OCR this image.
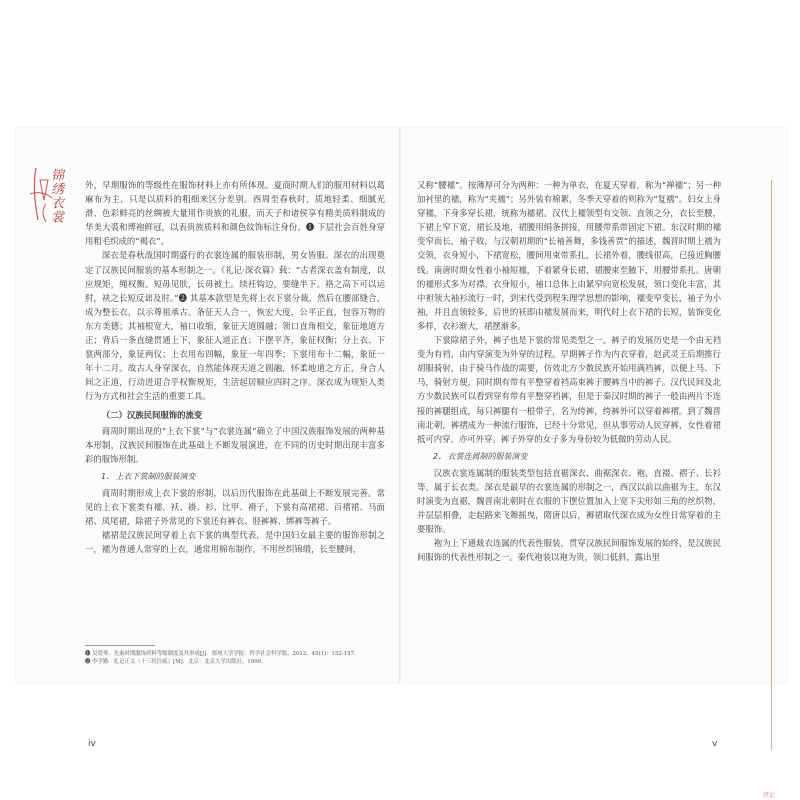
锦绣衣裳	外，早期服饰的等级性在服饰材料上亦有所体现。夏商时期人们的服用材料以葛麻布为主，只是以质料的粗细来区分差别。西周至春秋时，质地轻柔、细腻光滑、色彩鲜亮的丝绸被大量用作贵族的礼服，而天子和诸侯享有精美质料制成的华美大裘和博袍鲜冠，以表贵族质料和颜色纹饰标注身份。❶ 下层社会百姓身穿用粗毛织成的“褐衣”。

深衣是春秋战国时期盛行的衣裳连属的服装形制，男女皆服。深衣的出现奠定了汉族民间服装的基本形制之一。《礼记·深衣篇》载：“古者深衣盖有制度，以应规矩，绳权衡。短毋见肤，长毋被土。续衽钩边，要缝半下。袼之高下可以运肘，袂之长短反诎及肘。”❷ 其基本款型是先将上衣下裳分裁，然后在腰部缝合，成为整长衣，以示尊祖承古。条征天人合一，恢宏大度，公平正直，包容万物的东方美德；其袖根宽大，袖口收缩，象征天道圆融；领口直角相交，象征地道方正；背后一条直缝贯通上下，象征人道正直；下摆平齐，象征权衡；分上衣、下裳两部分，象征两仪；上衣用布四幅，象征一年四季；下裳用布十二幅，象征一年十二月。故古人身穿深衣，自然能体现天道之圆融，怀柔地道之方正，身合人间之正道，行动进退合乎权衡规矩，生活起居顺应四时之序。深衣成为规矩人类行为方式和社会生活的重要工具。

（二）汉族民间服饰的流变

商周时期出现的“上衣下裳”与“衣裳连属”确立了中国汉族服饰发展的两种基本形制，汉族民间服饰在此基础上不断发展演进，在不同的历史时期出现丰富多彩的服饰形制。

1. 上衣下裳制的服装演变

商周时期形成上衣下裳的形制，以后历代服饰在此基础上不断发展完善。常见的上衣下裳类有襦、袄、褂、衫、比甲、褙子，下裳有高裙裙、百褶裙、马面裙、凤尾裙，除裙子外常见的下裳还有裤衣、胫裤裤、绑裤等裤子。

襦裙是汉族民间穿着上衣下裳的典型代表，是中国妇女最主要的服饰形制之一，襦为普通人常穿的上衣，通常用棉布制作，不用丝织锦缎，长至腰间，

❶ 吴爱琴．先秦时期服饰质料等级制度及其形成[J]．郑州大学学报：哲学社会科学版，2012，45(1)：152-157．
❷ 李学勤．礼记正义（十三经注疏）[M]．北京：北京大学出版社，1999．

又称“腰襦”。按薄厚可分为两种：一种为单衣，在夏天穿着，称为“禅襦”；另一种加衬里的襦，称为“夹襦”；另外装有棉絮，冬季天穿着的则称为“复襦”。妇女上身穿襦，下身多穿长裙，统称为襦裙。汉代上襦领型有交领、直领之分，衣长至腰，下裙上窄下宽，裙长及地，裙腰用绢条拼接，用腰带系带固定下裙。东汉时期的襦变窄而长，袖子收，与汉朝初期的“长袖善舞，多钱善贾”的描述，魏晋时期上襦为交领，衣身短小，下裙宽松，腰间用束带系扎，长裙外着，腰线很高，已接近胸腰线。南唐时期女性着小袖短襦，下着紧身长裙，裙腰束至腋下，用腰带系扎。唐朝的襦形式多为对襟，衣身短小，袖口总体上由紧窄向宽松发展，领口变化丰富，其中袒领大袖衫流行一时，到宋代受到程朱理学思想的影响，襦变窄变长，袖子为小袖，并且直领较多，后世的袄即由襦发展而来，明代时上衣下裙的长短，装饰变化多样，衣衫渐大，裙摆渐多。

下裳除裙子外，裤子也是下裳的常见类型之一。裤子的发展历史是一个由无裆变为有裆，由内穿演变为外穿的过程。早期裤子作为内衣穿着，赵武灵王后期推行胡服骑射，由于骑马作战的需要，仿效北方少数民族开始用满裆裤，以便上马、下马，骑射方便，同时期有带有平整穿着裆高束裤于腰裤当中的裤子。汉代民间及北方少数民族可以看到穿有带有平整穿裆裤，但是于秦汉时期的裤子一般由两片不连接的裤腿组成，每只裤腿有一根带子，名为绔裤，绔裤外可以穿着裤褶。到了魏晋南北朝，裤褶成为一种流行服饰，已经十分常见，但从事劳动人民穿裤，女性着裙抵可内穿，亦可外穿。裤子外穿的女子多为身份较为低微的劳动人民。

2. 衣裳连属制的服装演变

汉族衣裳连属制的服装类型包括直裾深衣、曲裾深衣、袍、直裰、褶子、长衫等，属于长衣类。深衣是最早的衣裳连属的形制之一，西汉以前以曲裾为主，东汉时演变为直裾，魏晋南北朝时在衣服的下摆位置加入上宽下尖形如三角的丝织物，并层层相叠，走起路来飞舞摇曳，隋唐以后，褥裙取代深衣成为女性日常穿着的主要服饰。

袍为上下通裁衣连属的代表性服装，贯穿汉族民间服饰发展的始终，是汉族民间服饰的代表性形制之一。秦代袍装以袍为贵，领口低斜，露出里

iv	v
绪论
